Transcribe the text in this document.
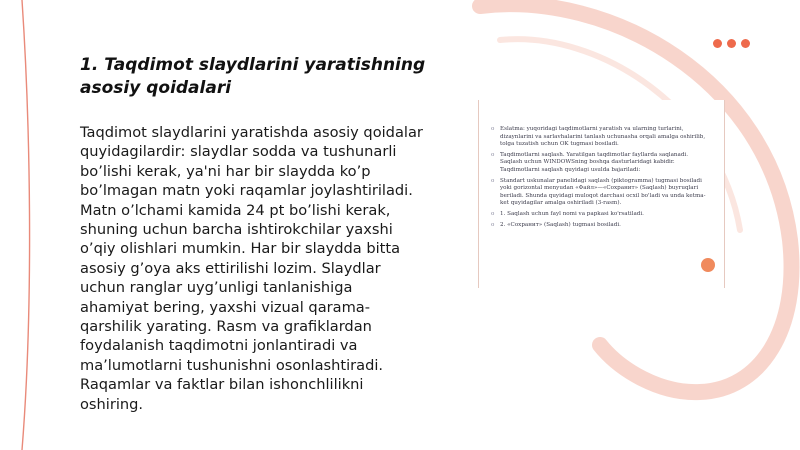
1. Taqdimot slaydlarini yaratishning asosiy qoidalari

Taqdimot slaydlarini yaratishda asosiy qoidalar quyidagilardir: slaydlar sodda va tushunarli bo’lishi kerak, ya'ni har bir slaydda ko’p bo’lmagan matn yoki raqamlar joylashtiriladi. Matn o’lchami kamida 24 pt bo’lishi kerak, shuning uchun barcha ishtirokchilar yaxshi o’qiy olishlari mumkin. Har bir slaydda bitta asosiy g’oya aks ettirilishi lozim. Slaydlar uchun ranglar uyg’unligi tanlanishiga ahamiyat bering, yaxshi vizual qarama-qarshilik yarating. Rasm va grafiklardan foydalanish taqdimotni jonlantiradi va ma’lumotlarni tushunishni osonlashtiradi. Raqamlar va faktlar bilan ishonchlilikni oshiring.

o Eslatma: yuqoridagi taqdimotlarni yaratish va ularning turlarini, dizaynlarini va sarlavhalarini tanlash uchunasha orqali amalga oshirilib, tolga tuzatish uchun OK tugmasi bosiladi.
o Taqdimotlarni saqlash. Yaratilgan taqdimotlar fayllarda saqlanadi. Saqlash uchun WINDOWSning boshqa dasturlaridagi kabidir. Taqdimotlarni saqlash quyidagi usulda bajariladi:
o Standart uskunalar panelidagi saqlash (piktogramma) tugmasi bosiladi yoki gorizontal menyudan «Файл»—«Сохранит» (Saqlash) buyruqlari beriladi. Shunda quyidagi muloqot darchasi ocxil bo'ladi va unda ketma-ket quyidagilar amalga oshiriladi (3-rasm).
o 1. Saqlash uchun fayl nomi va papkasi ko'rsatiladi.
o 2. «Сохранит» (Saqlash) tugmasi bosiladi.
